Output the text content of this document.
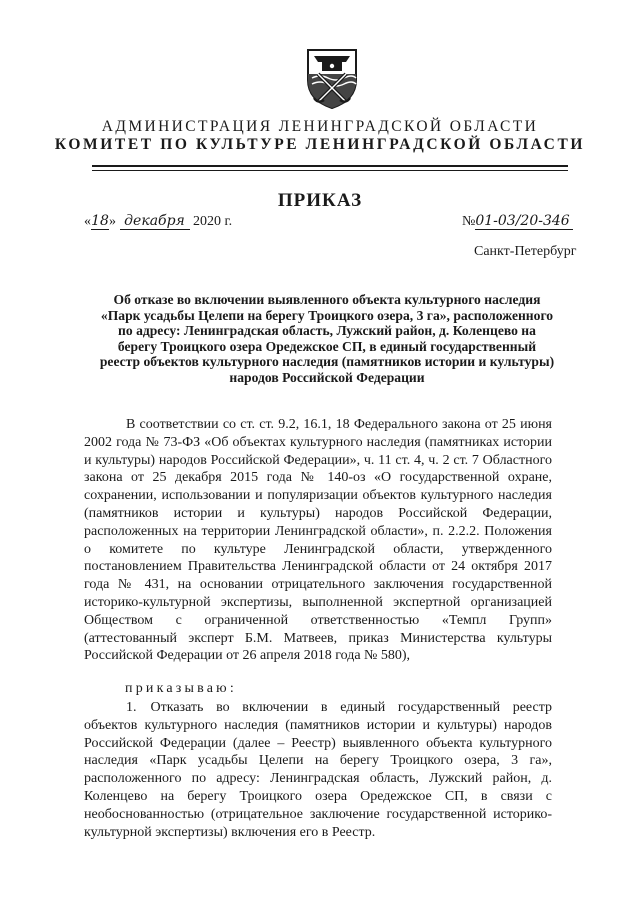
АДМИНИСТРАЦИЯ ЛЕНИНГРАДСКОЙ ОБЛАСТИ
КОМИТЕТ ПО КУЛЬТУРЕ ЛЕНИНГРАДСКОЙ ОБЛАСТИ
ПРИКАЗ
«18» декабря 2020 г.	№01-03/20-346
Санкт-Петербург
Об отказе во включении выявленного объекта культурного наследия «Парк усадьбы Целепи на берегу Троицкого озера, 3 га», расположенного по адресу: Ленинградская область, Лужский район, д. Коленцево на берегу Троицкого озера Оредежское СП, в единый государственный реестр объектов культурного наследия (памятников истории и культуры) народов Российской Федерации
В соответствии со ст. ст. 9.2, 16.1, 18 Федерального закона от 25 июня 2002 года № 73-ФЗ «Об объектах культурного наследия (памятниках истории и культуры) народов Российской Федерации», ч. 11 ст. 4, ч. 2 ст. 7 Областного закона от 25 декабря 2015 года № 140-оз «О государственной охране, сохранении, использовании и популяризации объектов культурного наследия (памятников истории и культуры) народов Российской Федерации, расположенных на территории Ленинградской области», п. 2.2.2. Положения о комитете по культуре Ленинградской области, утвержденного постановлением Правительства Ленинградской области от 24 октября 2017 года № 431, на основании отрицательного заключения государственной историко-культурной экспертизы, выполненной экспертной организацией Обществом с ограниченной ответственностью «Темпл Групп» (аттестованный эксперт Б.М. Матвеев, приказ Министерства культуры Российской Федерации от 26 апреля 2018 года № 580),
приказываю:
1. Отказать во включении в единый государственный реестр объектов культурного наследия (памятников истории и культуры) народов Российской Федерации (далее – Реестр) выявленного объекта культурного наследия «Парк усадьбы Целепи на берегу Троицкого озера, 3 га», расположенного по адресу: Ленинградская область, Лужский район, д. Коленцево на берегу Троицкого озера Оредежское СП, в связи с необоснованностью (отрицательное заключение государственной историко-культурной экспертизы) включения его в Реестр.
